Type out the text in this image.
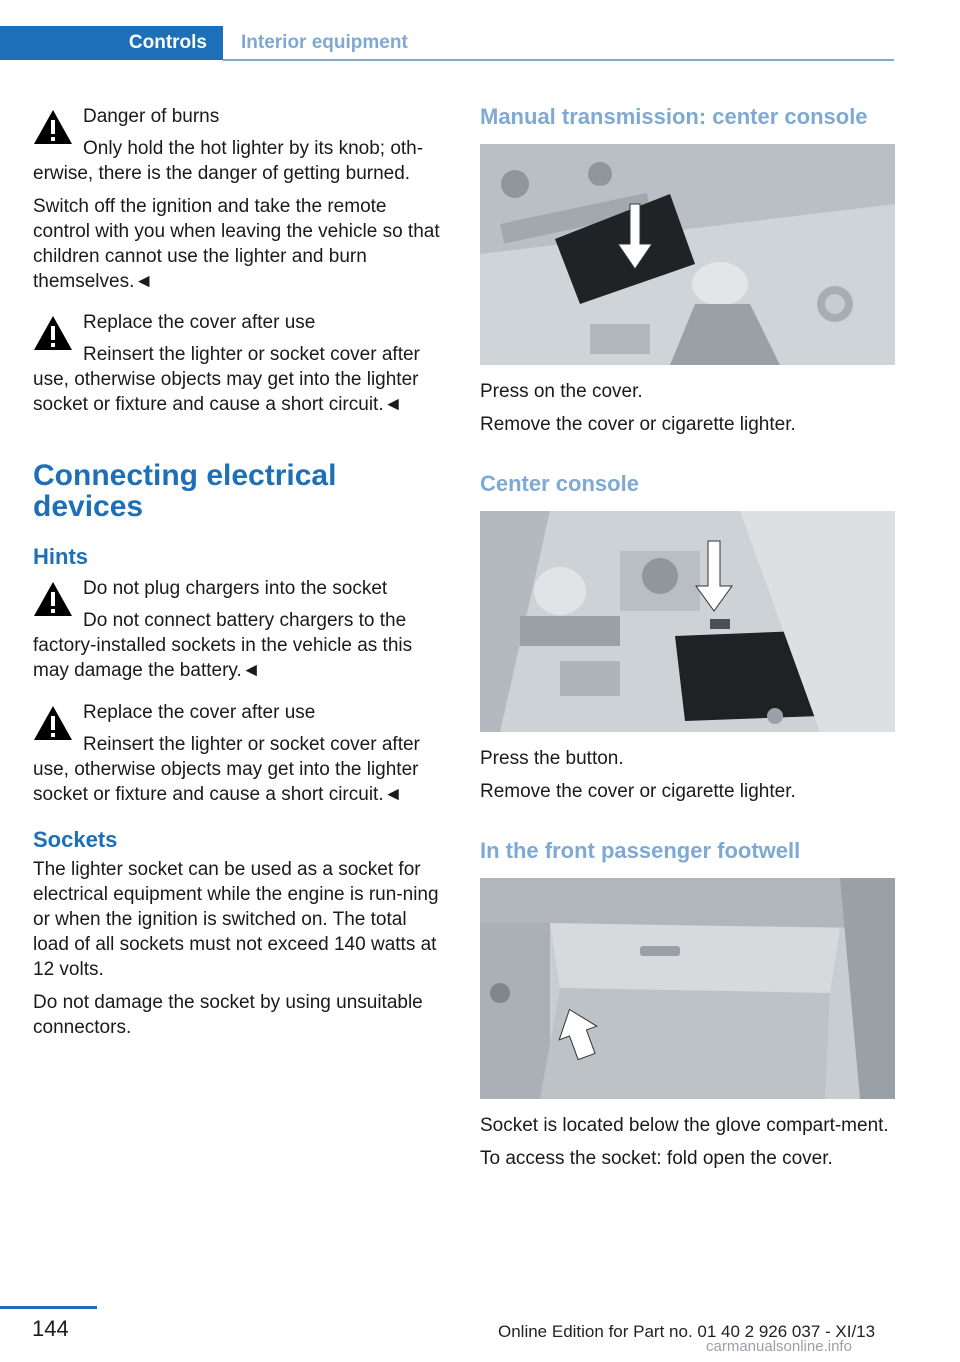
Controls	Interior equipment
Danger of burns
Only hold the hot lighter by its knob; oth-
erwise, there is the danger of getting burned.

Switch off the ignition and take the remote control with you when leaving the vehicle so that children cannot use the lighter and burn themselves.◄

Replace the cover after use
Reinsert the lighter or socket cover after
use, otherwise objects may get into the lighter socket or fixture and cause a short circuit.◄
Connecting electrical devices
Hints
Do not plug chargers into the socket
Do not connect battery chargers to the
factory-installed sockets in the vehicle as this may damage the battery.◄
Replace the cover after use
Reinsert the lighter or socket cover after
use, otherwise objects may get into the lighter socket or fixture and cause a short circuit.◄
Sockets

The lighter socket can be used as a socket for electrical equipment while the engine is run-ning or when the ignition is switched on. The total load of all sockets must not exceed 140 watts at 12 volts.

Do not damage the socket by using unsuitable connectors.

Manual transmission: center console

Press on the cover.

Remove the cover or cigarette lighter.

Center console

Press the button.

Remove the cover or cigarette lighter.

In the front passenger footwell

Socket is located below the glove compart-ment.

To access the socket: fold open the cover.

144	Online Edition for Part no. 01 40 2 926 037 - XI/13
carmanualsonline.info
